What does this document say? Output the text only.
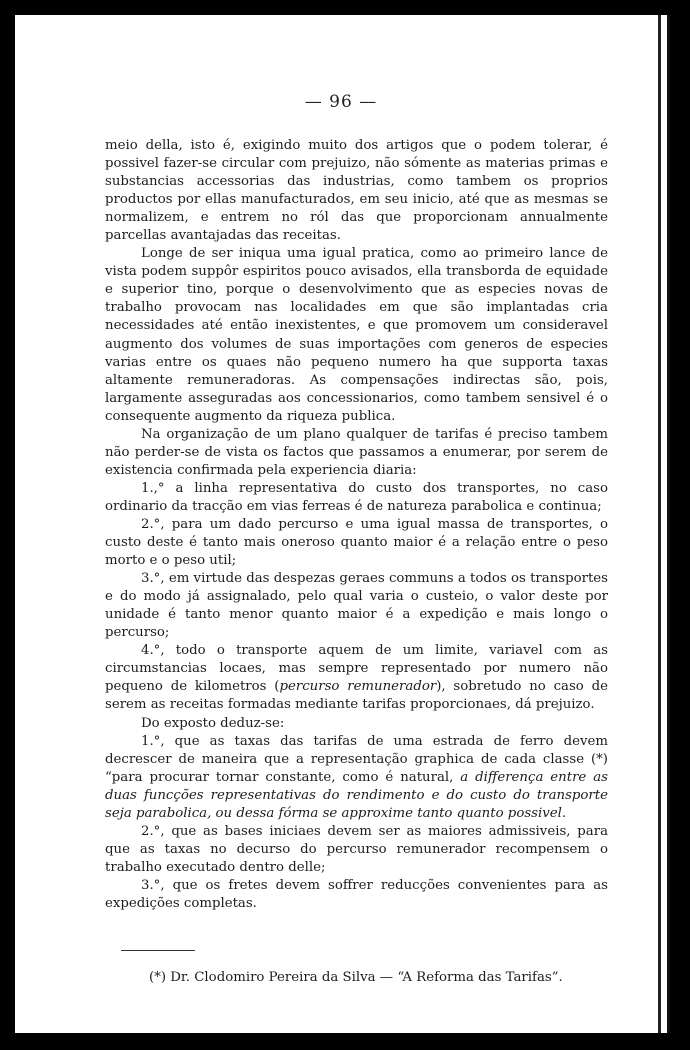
— 96 —

meio della, isto é, exigindo muito dos artigos que o podem tolerar, é possivel fazer-se circular com prejuizo, não sómente as materias primas e substancias accessorias das industrias, como tambem os proprios productos por ellas manufacturados, em seu inicio, até que as mesmas se normalizem, e entrem no ról das que proporcionam annualmente parcellas avantajadas das receitas.

Longe de ser iniqua uma igual pratica, como ao primeiro lance de vista podem suppôr espiritos pouco avisados, ella transborda de equidade e superior tino, porque o desenvolvimento que as especies novas de trabalho provocam nas localidades em que são implantadas cria necessidades até então inexistentes, e que promovem um consideravel augmento dos volumes de suas importações com generos de especies varias entre os quaes não pequeno numero ha que supporta taxas altamente remuneradoras. As compensações indirectas são, pois, largamente asseguradas aos concessionarios, como tambem sensivel é o consequente augmento da riqueza publica.

Na organização de um plano qualquer de tarifas é preciso tambem não perder-se de vista os factos que passamos a enumerar, por serem de existencia confirmada pela experiencia diaria:

1.,° a linha representativa do custo dos transportes, no caso ordinario da tracção em vias ferreas é de natureza parabolica e continua;

2.°, para um dado percurso e uma igual massa de transportes, o custo deste é tanto mais oneroso quanto maior é a relação entre o peso morto e o peso util;

3.°, em virtude das despezas geraes communs a todos os transportes e do modo já assignalado, pelo qual varia o custeio, o valor deste por unidade é tanto menor quanto maior é a expedição e mais longo o percurso;

4.°, todo o transporte aquem de um limite, variavel com as circumstancias locaes, mas sempre representado por numero não pequeno de kilometros (percurso remunerador), sobretudo no caso de serem as receitas formadas mediante tarifas proporcionaes, dá prejuizo.

Do exposto deduz-se:

1.°, que as taxas das tarifas de uma estrada de ferro devem decrescer de maneira que a representação graphica de cada classe (*) “para procurar tornar constante, como é natural, a differença entre as duas funcções representativas do rendimento e do custo do transporte seja parabolica, ou dessa fórma se approxime tanto quanto possivel.

2.°, que as bases iniciaes devem ser as maiores admissiveis, para que as taxas no decurso do percurso remunerador recompensem o trabalho executado dentro delle;

3.°, que os fretes devem soffrer reducções convenientes para as expedições completas.

(*) Dr. Clodomiro Pereira da Silva — “A Reforma das Tarifas”.
